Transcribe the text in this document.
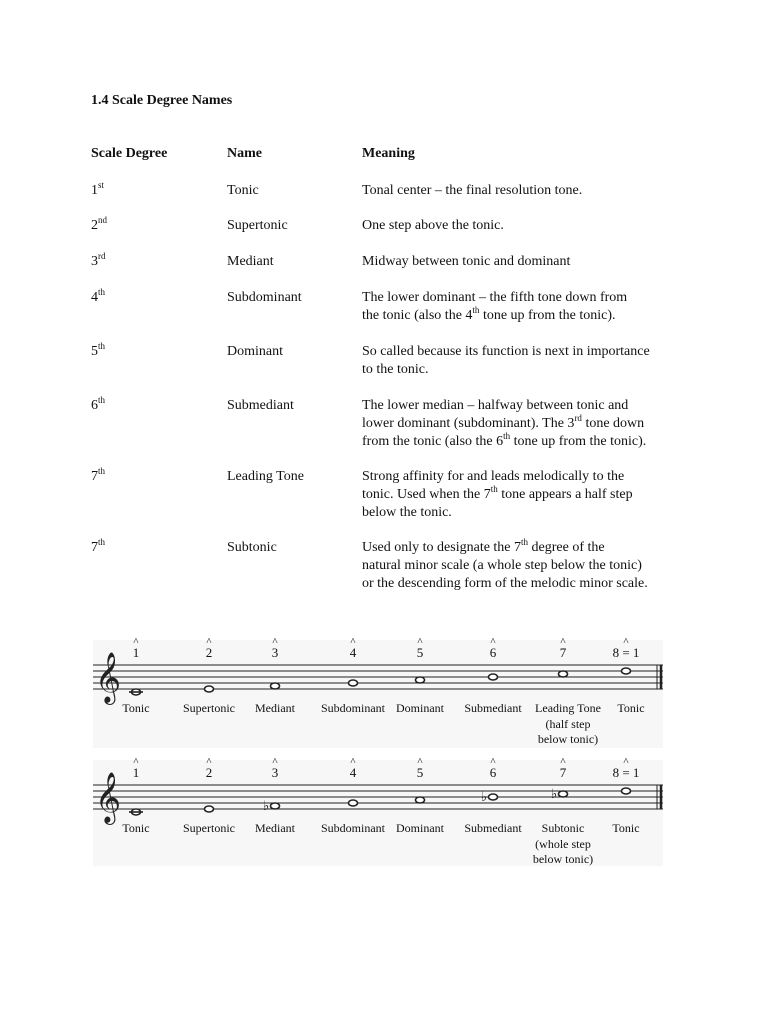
1.4 Scale Degree Names
Scale Degree	Name	Meaning
1st	Tonic	Tonal center – the final resolution tone.
2nd	Supertonic	One step above the tonic.
3rd	Mediant	Midway between tonic and dominant
4th	Subdominant	The lower dominant – the fifth tone down from
the tonic (also the 4th tone up from the tonic).
5th	Dominant	So called because its function is next in importance
to the tonic.
6th	Submediant	The lower median – halfway between tonic and
lower dominant (subdominant). The 3rd tone down
from the tonic (also the 6th tone up from the tonic).
7th	Leading Tone	Strong affinity for and leads melodically to the
tonic. Used when the 7th tone appears a half step
below the tonic.
7th	Subtonic	Used only to designate the 7th degree of the
natural minor scale (a whole step below the tonic)
or the descending form of the melodic minor scale.
𝄞 ^ 1	^ 2	^ 3	^ 4	^ 5	^ 6	^ 7	^ 8 = 1
Tonic	Supertonic Mediant Subdominant Dominant Submediant Leading Tone Tonic
(half step
below tonic)
𝄞	♭
♭	♭
^ 1	^ 2	^ 3	^ 4	^ 5	^ 6	^ 7	^ 8 = 1
Tonic	Supertonic Mediant Subdominant Dominant Submediant Subtonic Tonic
(whole step
below tonic)
